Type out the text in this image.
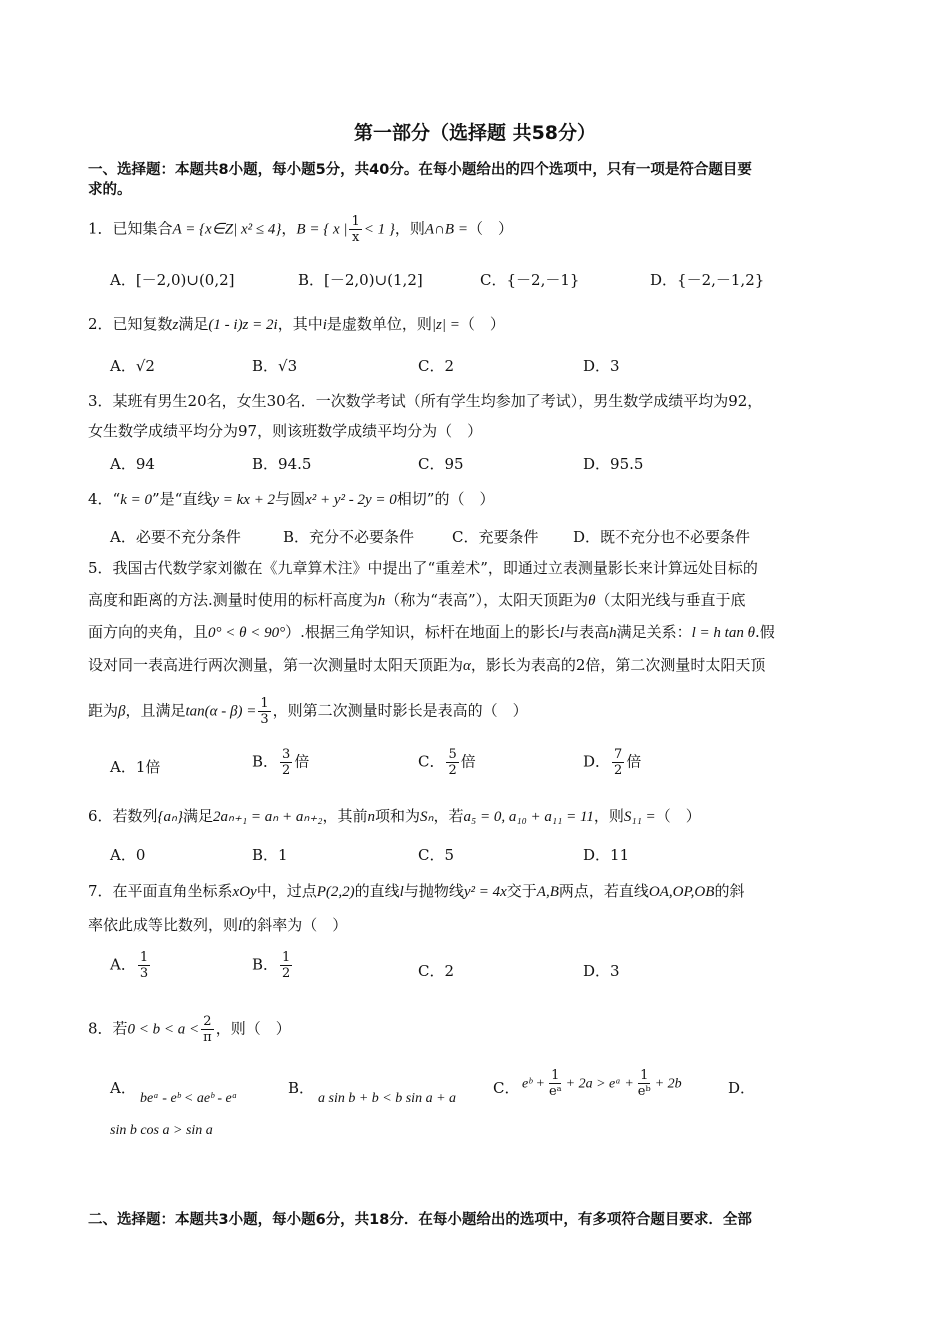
第一部分（选择题 共58分）
一、选择题：本题共8小题，每小题5分，共40分。在每小题给出的四个选项中，只有一项是符合题目要
求的。
1．已知集合A = {x∈Z| x² ≤ 4}，B = { x | $\frac{1}{x} < 1$ }，则A∩B =（　）
A．[－2,0)∪(0,2]	B．[－2,0)∪(1,2]	C．{－2,－1}	D．{－2,－1,2}
2．已知复数z满足(1 - i)z = 2i，其中i是虚数单位，则|z| =（　）
A．√2	B．√3	C．2	D．3
3．某班有男生20名，女生30名．一次数学考试（所有学生均参加了考试），男生数学成绩平均为92，
女生数学成绩平均分为97，则该班数学成绩平均分为（　）
A．94	B．94.5	C．95	D．95.5
4．“k = 0”是“直线y = kx + 2与圆x² + y² - 2y = 0相切”的（　）
A．必要不充分条件	B．充分不必要条件	C．充要条件 D．既不充分也不必要条件
5．我国古代数学家刘徽在《九章算术注》中提出了“重差术”，即通过立表测量影长来计算远处目标的
高度和距离的方法.测量时使用的标杆高度为h（称为“表高”），太阳天顶距为θ（太阳光线与垂直于底
面方向的夹角，且0° < θ < 90°）.根据三角学知识，标杆在地面上的影长l与表高h满足关系：l = h tan θ.假
设对同一表高进行两次测量，第一次测量时太阳天顶距为α，影长为表高的2倍，第二次测量时太阳天顶
距为β，且满足$\tan(\alpha - \beta) = \frac{1}{3}$ ，则第二次测量时影长是表高的（　）
A．1倍	B． $\frac{3}{2}$ 倍	C． $\frac{5}{2}$ 倍	D． $\frac{7}{2}$ 倍
6．若数列{aₙ}满足2aₙ₊₁ = aₙ + aₙ₊₂，其前n项和为Sₙ，若a₅ = 0, a₁₀ + a₁₁ = 11，则S₁₁ =（　）
A．0	B．1	C．5	D．11
7．在平面直角坐标系xOy中，过点P(2,2)的直线l与抛物线y² = 4x交于A,B两点，若直线OA,OP,OB的斜
率依此成等比数列，则l的斜率为（　）
A． $\frac{1}{3}$	B． $\frac{1}{2}$	C．2	D．3
8．若$0 < b < a < \frac{2}{\pi}$ ，则（　）
A．
beᵃ - eᵇ < aeᵇ - eᵃ
B．
a sin b + b < b sin a + a
C． eᵇ + $\frac{1}{\text{eᵃ}} + 2a$ > eᵃ + $\frac{1}{\text{eᵇ}} + 2b$	D．
sin b cos a > sin a
二、选择题：本题共3小题，每小题6分，共18分．在每小题给出的选项中，有多项符合题目要求．全部
